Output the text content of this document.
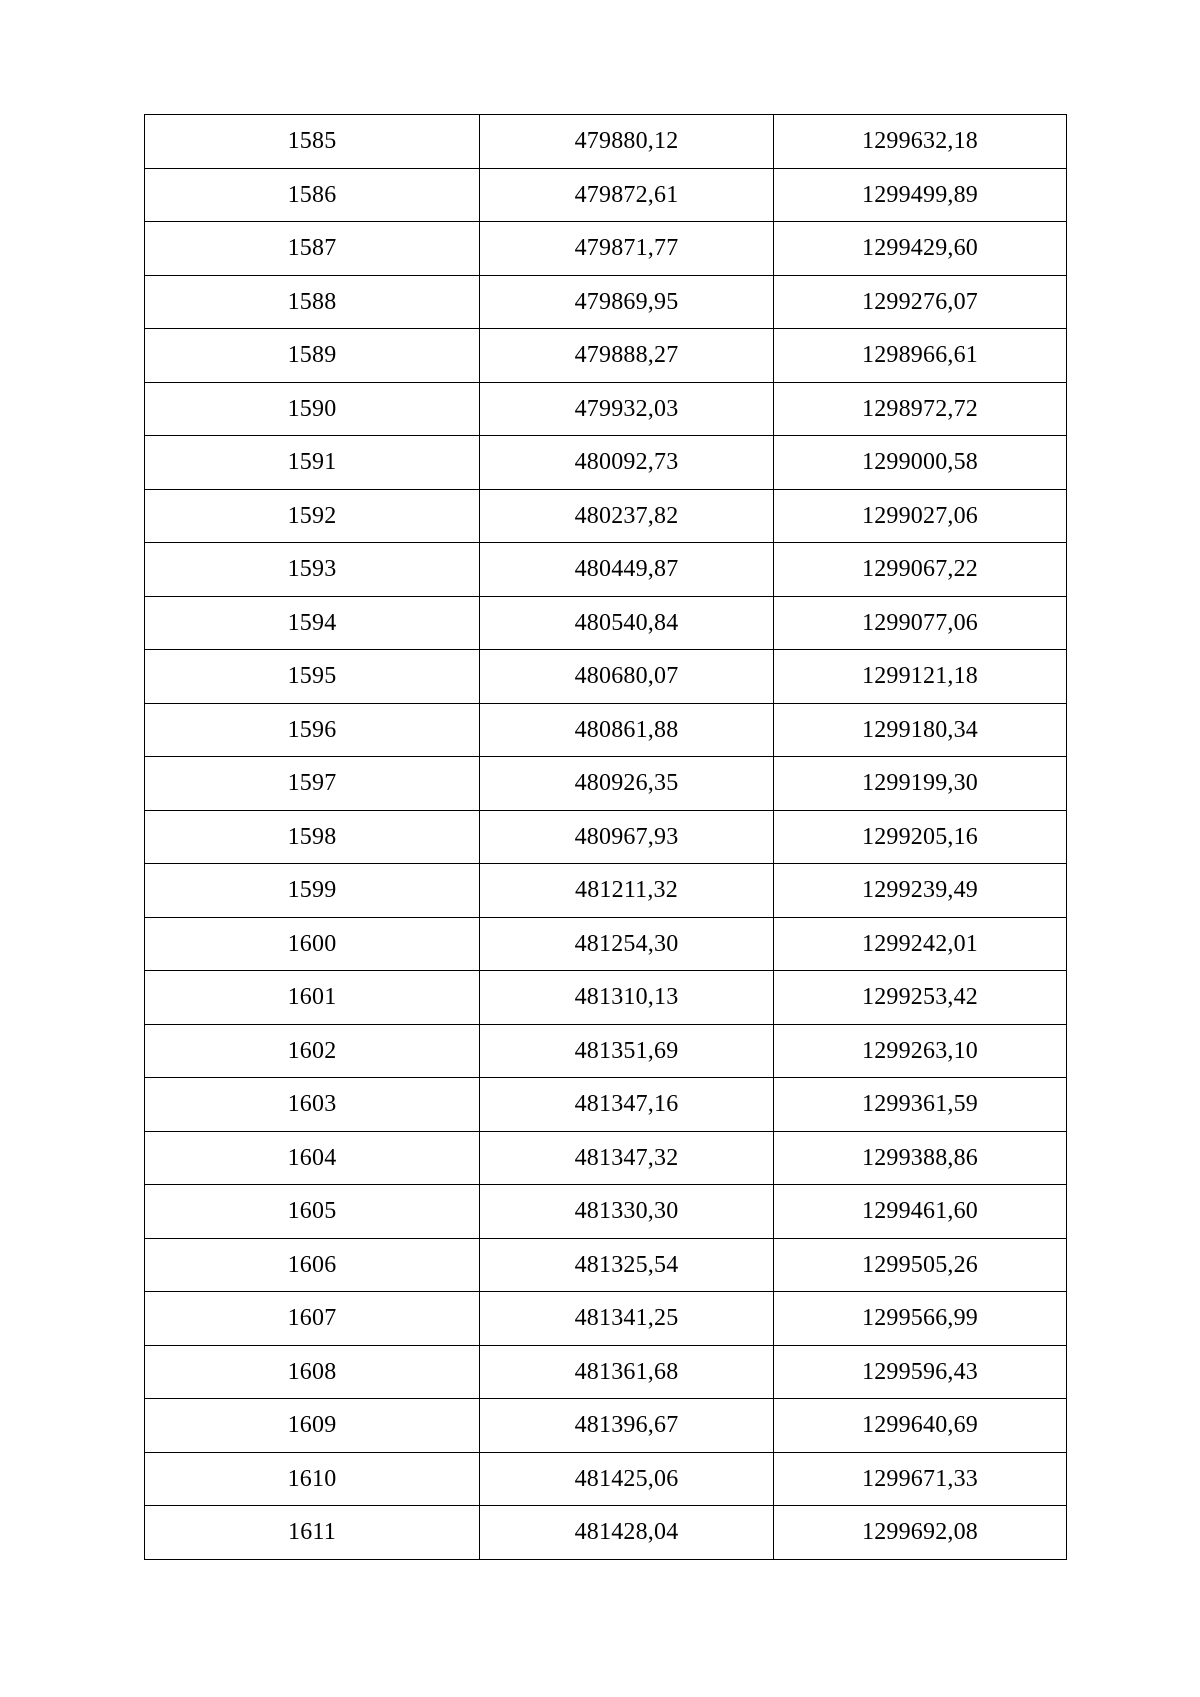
1585	479880,12	1299632,18
1586	479872,61	1299499,89
1587	479871,77	1299429,60
1588	479869,95	1299276,07
1589	479888,27	1298966,61
1590	479932,03	1298972,72
1591	480092,73	1299000,58
1592	480237,82	1299027,06
1593	480449,87	1299067,22
1594	480540,84	1299077,06
1595	480680,07	1299121,18
1596	480861,88	1299180,34
1597	480926,35	1299199,30
1598	480967,93	1299205,16
1599	481211,32	1299239,49
1600	481254,30	1299242,01
1601	481310,13	1299253,42
1602	481351,69	1299263,10
1603	481347,16	1299361,59
1604	481347,32	1299388,86
1605	481330,30	1299461,60
1606	481325,54	1299505,26
1607	481341,25	1299566,99
1608	481361,68	1299596,43
1609	481396,67	1299640,69
1610	481425,06	1299671,33
1611	481428,04	1299692,08
